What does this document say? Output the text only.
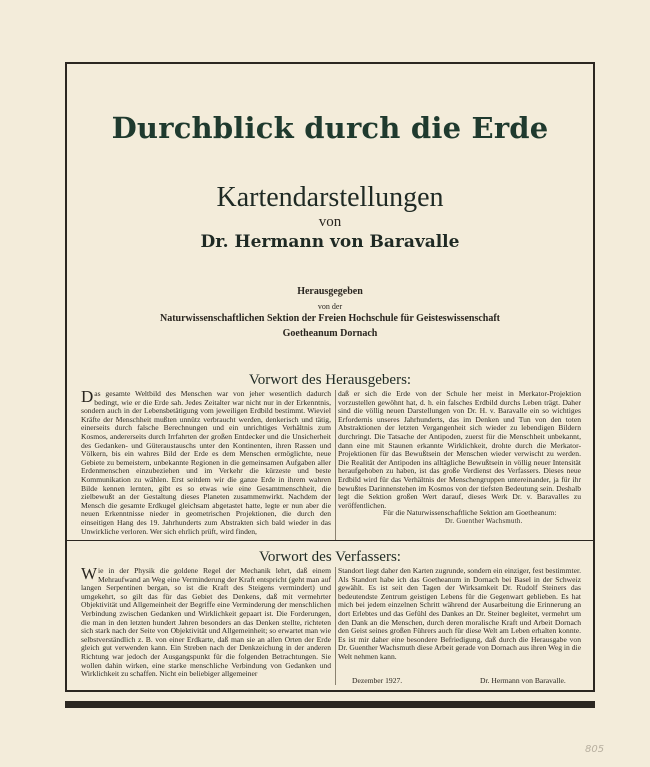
Durchblick durch die Erde
Kartendarstellungen
von
Dr. Hermann von Baravalle
Herausgegeben
von der
Naturwissenschaftlichen Sektion der Freien Hochschule für Geisteswissenschaft
Goetheanum Dornach
Vorwort des Herausgebers:
Das gesamte Weltbild des Menschen war von jeher wesentlich dadurch bedingt, wie er die Erde sah. Jedes Zeitalter war nicht nur in der Erkenntnis, sondern auch in der Lebensbetätigung vom jeweiligen Erdbild bestimmt. Wieviel Kräfte der Menschheit mußten unnütz verbraucht werden, denkerisch und tätig, einerseits durch falsche Berechnungen und ein unrichtiges Verhältnis zum Kosmos, andererseits durch Irrfahrten der großen Entdecker und die Unsicherheit des Gedanken- und Güteraustauschs unter den Kontinenten, ihren Rassen und Völkern, bis ein wahres Bild der Erde es dem Menschen ermöglichte, neue Gebiete zu bemeistern, unbekannte Regionen in die gemeinsamen Aufgaben aller Erdenmenschen einzubeziehen und im Verkehr die kürzeste und beste Kommunikation zu wählen. Erst seitdem wir die ganze Erde in ihrem wahren Bilde kennen lernten, gibt es so etwas wie eine Gesamtmenschheit, die zielbewußt an der Gestaltung dieses Planeten zusammenwirkt. Nachdem der Mensch die gesamte Erdkugel gleichsam abgetastet hatte, legte er nun aber die neuen Erkenntnisse nieder in geometrischen Projektionen, die durch den einseitigen Hang des 19. Jahrhunderts zum Abstrakten sich bald wieder in das Unwirkliche verloren. Wer sich ehrlich prüft, wird finden,
daß er sich die Erde von der Schule her meist in Merkator-Projektion vorzustellen gewöhnt hat, d. h. ein falsches Erdbild durchs Leben trägt. Daher sind die völlig neuen Darstellungen von Dr. H. v. Baravalle ein so wichtiges Erfordernis unseres Jahrhunderts, das im Denken und Tun von den toten Abstraktionen der letzten Vergangenheit sich wieder zu lebendigen Bildern durchringt. Die Tatsache der Antipoden, zuerst für die Menschheit unbekannt, dann eine mit Staunen erkannte Wirklichkeit, drohte durch die Merkator-Projektionen für das Bewußtsein der Menschen wieder verwischt zu werden. Die Realität der Antipoden ins alltägliche Bewußtsein in völlig neuer Intensität heraufgehoben zu haben, ist das große Verdienst des Verfassers. Dieses neue Erdbild wird für das Verhältnis der Menschengruppen untereinander, ja für ihr bewußtes Darinnenstehen im Kosmos von der tiefsten Bedeutung sein. Deshalb legt die Sektion großen Wert darauf, dieses Werk Dr. v. Baravalles zu veröffentlichen.
Für die Naturwissenschaftliche Sektion am Goetheanum:
Dr. Guenther Wachsmuth.
Vorwort des Verfassers:
Wie in der Physik die goldene Regel der Mechanik lehrt, daß einem Mehraufwand an Weg eine Verminderung der Kraft entspricht (geht man auf langen Serpentinen bergan, so ist die Kraft des Steigens vermindert) und umgekehrt, so gilt das für das Gebiet des Denkens, daß mit vermehrter Objektivität und Allgemeinheit der Begriffe eine Verminderung der menschlichen Verbindung zwischen Gedanken und Wirklichkeit gepaart ist. Die Forderungen, die man in den letzten hundert Jahren besonders an das Denken stellte, richteten sich stark nach der Seite von Objektivität und Allgemeinheit; so erwartet man wie selbstverständlich z. B. von einer Erdkarte, daß man sie an allen Orten der Erde gleich gut verwenden kann. Ein Streben nach der Denkzeichung in der anderen Richtung war jedoch der Ausgangspunkt für die folgenden Betrachtungen. Sie wollen dahin wirken, eine starke menschliche Verbindung von Gedanken und Wirklichkeit zu schaffen. Nicht ein beliebiger allgemeiner
Standort liegt daher den Karten zugrunde, sondern ein einziger, fest bestimmter. Als Standort habe ich das Goetheanum in Dornach bei Basel in der Schweiz gewählt. Es ist seit den Tagen der Wirksamkeit Dr. Rudolf Steiners das bedeutendste Zentrum geistigen Lebens für die Gegenwart geblieben. Es hat mich bei jedem einzelnen Schritt während der Ausarbeitung die Erinnerung an dort Erlebtes und das Gefühl des Dankes an Dr. Steiner begleitet, vermehrt um den Dank an die Menschen, durch deren moralische Kraft und Arbeit Dornach den Geist seines großen Führers auch für diese Welt am Leben erhalten konnte. Es ist mir daher eine besondere Befriedigung, daß durch die Herausgabe von Dr. Guenther Wachsmuth diese Arbeit gerade von Dornach aus ihren Weg in die Welt nehmen kann.
Dezember 1927.	Dr. Hermann von Baravalle.
805
